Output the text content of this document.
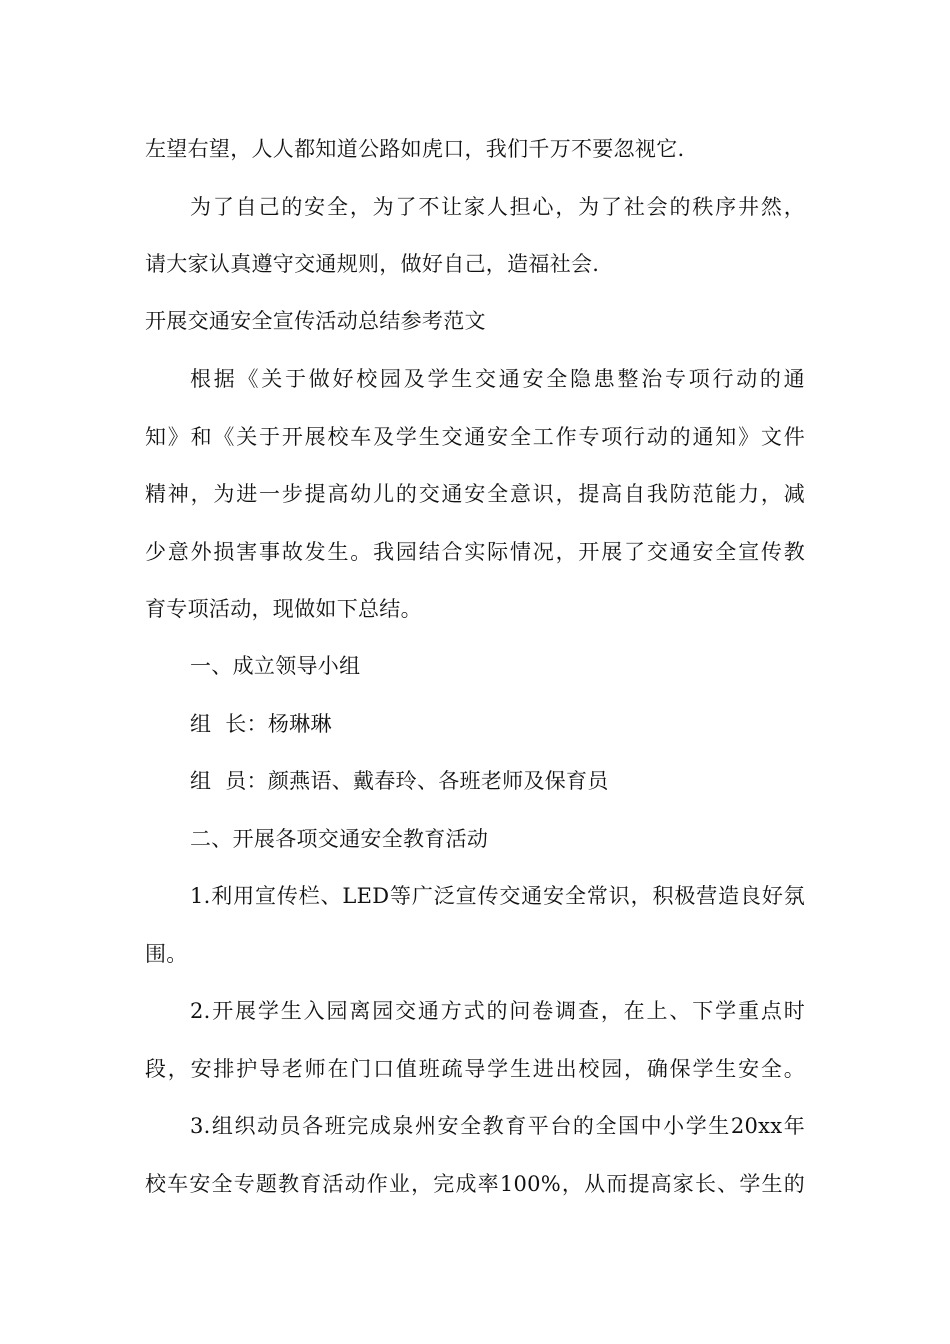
左望右望，人人都知道公路如虎口，我们千万不要忽视它.
为了自己的安全，为了不让家人担心，为了社会的秩序井然，
请大家认真遵守交通规则，做好自己，造福社会.
开展交通安全宣传活动总结参考范文
根据《关于做好校园及学生交通安全隐患整治专项行动的通
知》和《关于开展校车及学生交通安全工作专项行动的通知》文件
精神，为进一步提高幼儿的交通安全意识，提高自我防范能力，减
少意外损害事故发生。我园结合实际情况，开展了交通安全宣传教
育专项活动，现做如下总结。
一、成立领导小组
组  长：杨琳琳
组  员：颜燕语、戴春玲、各班老师及保育员
二、开展各项交通安全教育活动
1.利用宣传栏、LED等广泛宣传交通安全常识，积极营造良好氛
围。
2.开展学生入园离园交通方式的问卷调查，在上、下学重点时
段，安排护导老师在门口值班疏导学生进出校园，确保学生安全。
3.组织动员各班完成泉州安全教育平台的全国中小学生20xx年
校车安全专题教育活动作业，完成率100%，从而提高家长、学生的
